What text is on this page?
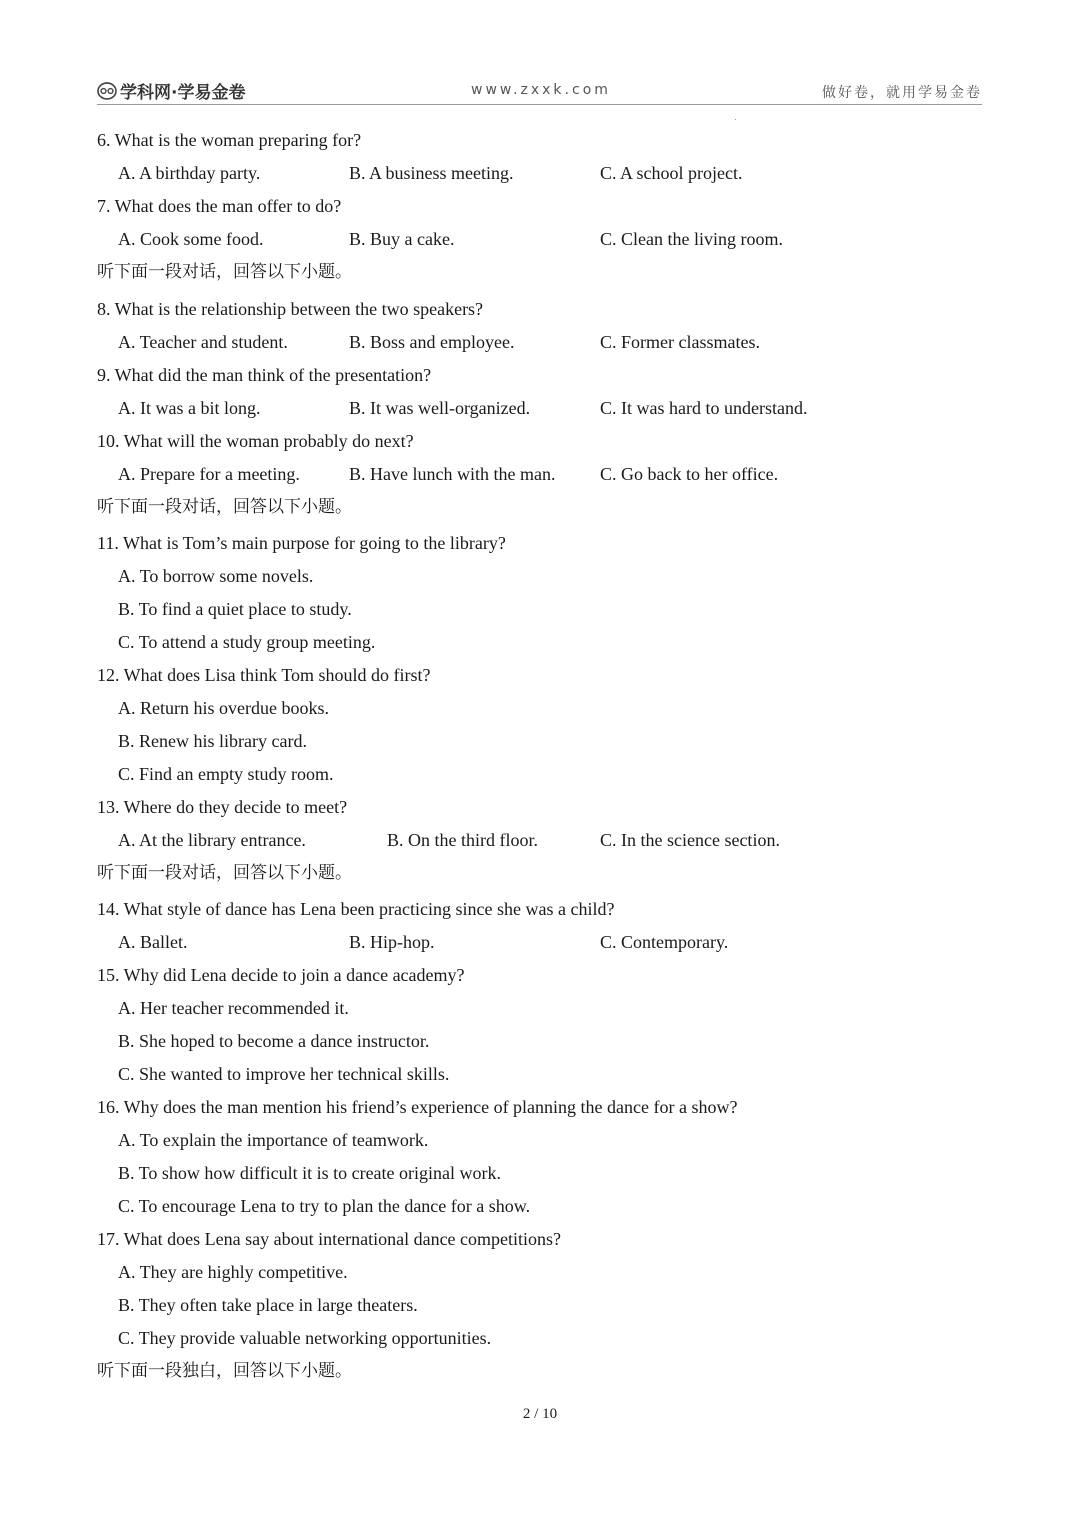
学科网·学易金卷	www.zxxk.com	做好卷，就用学易金卷
6. What is the woman preparing for?
A. A birthday party.	B. A business meeting.	C. A school project.
7. What does the man offer to do?
A. Cook some food.	B. Buy a cake.	C. Clean the living room.
听下面一段对话，回答以下小题。
8. What is the relationship between the two speakers?
A. Teacher and student.	B. Boss and employee.	C. Former classmates.
9. What did the man think of the presentation?
A. It was a bit long.	B. It was well-organized.	C. It was hard to understand.
10. What will the woman probably do next?
A. Prepare for a meeting.	B. Have lunch with the man. C. Go back to her office.
听下面一段对话，回答以下小题。
11. What is Tom’s main purpose for going to the library?
A. To borrow some novels.
B. To find a quiet place to study.
C. To attend a study group meeting.
12. What does Lisa think Tom should do first?
A. Return his overdue books.
B. Renew his library card.
C. Find an empty study room.
13. Where do they decide to meet?
A. At the library entrance.	B. On the third floor.	C. In the science section.
听下面一段对话，回答以下小题。
14. What style of dance has Lena been practicing since she was a child?
A. Ballet.	B. Hip-hop.	C. Contemporary.
15. Why did Lena decide to join a dance academy?
A. Her teacher recommended it.
B. She hoped to become a dance instructor.
C. She wanted to improve her technical skills.
16. Why does the man mention his friend’s experience of planning the dance for a show?
A. To explain the importance of teamwork.
B. To show how difficult it is to create original work.
C. To encourage Lena to try to plan the dance for a show.
17. What does Lena say about international dance competitions?
A. They are highly competitive.
B. They often take place in large theaters.
C. They provide valuable networking opportunities.
听下面一段独白，回答以下小题。
2 / 10
